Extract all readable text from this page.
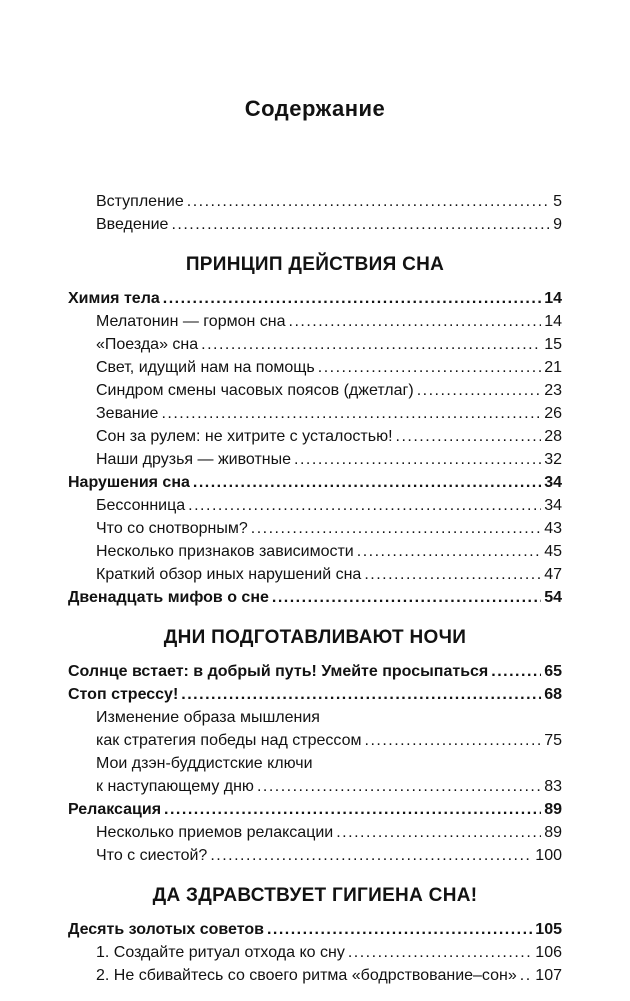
Содержание
Вступление .....	5
Введение .....	9
ПРИНЦИП ДЕЙСТВИЯ СНА
Химия тела .....	14
Мелатонин — гормон сна .....	14
«Поезда» сна .....	15
Свет, идущий нам на помощь .....	21
Синдром смены часовых поясов (джетлаг) .....	23
Зевание .....	26
Сон за рулем: не хитрите с усталостью! .....	28
Наши друзья — животные .....	32
Нарушения сна .....	34
Бессонница .....	34
Что со снотворным? .....	43
Несколько признаков зависимости .....	45
Краткий обзор иных нарушений сна .....	47
Двенадцать мифов о сне .....	54
ДНИ ПОДГОТАВЛИВАЮТ НОЧИ
Солнце встает: в добрый путь! Умейте просыпаться .....	65
Стоп стрессу! .....	68
Изменение образа мышления
как стратегия победы над стрессом .....	75
Мои дзэн-буддистские ключи
к наступающему дню .....	83
Релаксация .....	89
Несколько приемов релаксации .....	89
Что с сиестой? .....	100
ДА ЗДРАВСТВУЕТ ГИГИЕНА СНА!
Десять золотых советов .....	105
1. Создайте ритуал отхода ко сну .....	106
2. Не сбивайтесь со своего ритма «бодрствование–сон» ..... 107
